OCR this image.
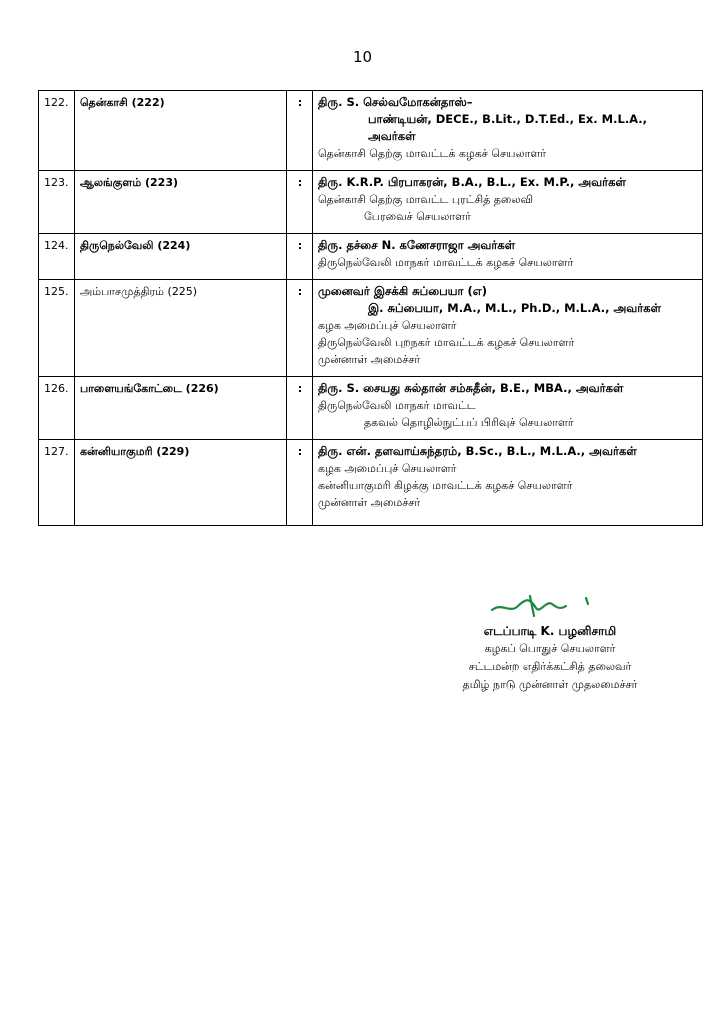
10
122.	தென்காசி (222)	:	திரு. S. செல்வமோகன்தாஸ்–
பாண்டியன், DECE., B.Lit., D.T.Ed., Ex. M.L.A., அவர்கள்
தென்காசி தெற்கு மாவட்டக் கழகச் செயலாளர்

123.	ஆலங்குளம் (223)	:	திரு. K.R.P. பிரபாகரன், B.A., B.L., Ex. M.P., அவர்கள்
தென்காசி தெற்கு மாவட்ட புரட்சித் தலைவி
பேரவைச் செயலாளர்

124.	திருநெல்வேலி (224)	:	திரு. தச்சை N. கணேசராஜா அவர்கள்
திருநெல்வேலி மாநகர் மாவட்டக் கழகச் செயலாளர்

125.	அம்பாசமுத்திரம் (225)	:	முனைவர் இசக்கி சுப்பையா (எ)
இ. சுப்பையா, M.A., M.L., Ph.D., M.L.A., அவர்கள்
கழக அமைப்புச் செயலாளர்
திருநெல்வேலி புறநகர் மாவட்டக் கழகச் செயலாளர்
முன்னாள் அமைச்சர்

126.	பாளையங்கோட்டை (226)	:	திரு. S. சையது சுல்தான் சம்சுதீன், B.E., MBA., அவர்கள்
திருநெல்வேலி மாநகர் மாவட்ட
தகவல் தொழில்நுட்பப் பிரிவுச் செயலாளர்

127.	கன்னியாகுமரி (229)	:	திரு. என். தளவாய்சுந்தரம், B.Sc., B.L., M.L.A., அவர்கள்
கழக அமைப்புச் செயலாளர்
கன்னியாகுமரி கிழக்கு மாவட்டக் கழகச் செயலாளர்
முன்னாள் அமைச்சர்
எடப்பாடி K. பழனிசாமி
கழகப் பொதுச் செயலாளர்
சட்டமன்ற எதிர்க்கட்சித் தலைவர்
தமிழ் நாடு முன்னாள் முதலமைச்சர்
